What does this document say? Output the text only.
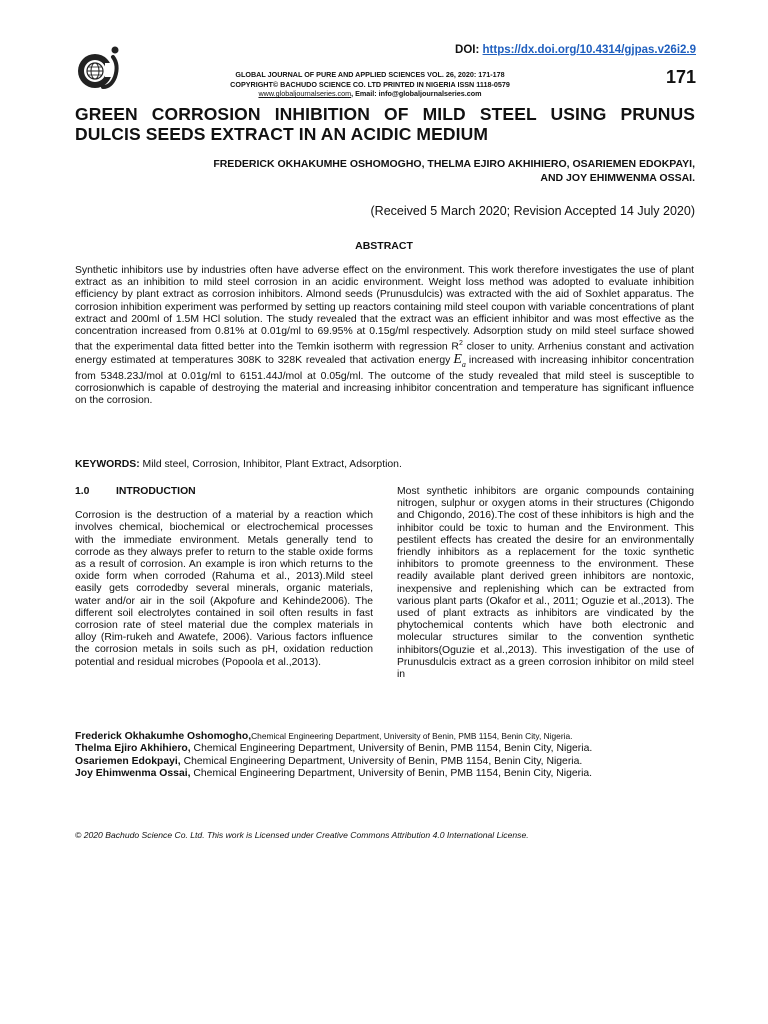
DOI: https://dx.doi.org/10.4314/gjpas.v26i2.9
GLOBAL JOURNAL OF PURE AND APPLIED SCIENCES VOL. 26, 2020: 171-178
COPYRIGHT© BACHUDO SCIENCE CO. LTD PRINTED IN NIGERIA ISSN 1118-0579
www.globaljournalseries.com, Email: info@globaljournalseries.com
171
GREEN CORROSION INHIBITION OF MILD STEEL USING PRUNUS DULCIS SEEDS EXTRACT IN AN ACIDIC MEDIUM
FREDERICK OKHAKUMHE OSHOMOGHO, THELMA EJIRO AKHIHIERO, OSARIEMEN EDOKPAYI,
AND JOY EHIMWENMA OSSAI.
(Received 5 March 2020; Revision Accepted 14 July 2020)
ABSTRACT

Synthetic inhibitors use by industries often have adverse effect on the environment. This work therefore investigates the use of plant extract as an inhibition to mild steel corrosion in an acidic environment. Weight loss method was adopted to evaluate inhibition efficiency by plant extract as corrosion inhibitors. Almond seeds (Prunusdulcis) was extracted with the aid of Soxhlet apparatus. The corrosion inhibition experiment was performed by setting up reactors containing mild steel coupon with variable concentrations of plant extract and 200ml of 1.5M HCl solution. The study revealed that the extract was an efficient inhibitor and was most effective as the concentration increased from 0.81% at 0.01g/ml to 69.95% at 0.15g/ml respectively. Adsorption study on mild steel surface showed that the experimental data fitted better into the Temkin isotherm with regression $R^2$ closer to unity. Arrhenius constant and activation energy estimated at temperatures 308K to 328K revealed that activation energy $E_a$ increased with increasing inhibitor concentration from 5348.23J/mol at 0.01g/ml to 6151.44J/mol at 0.05g/ml. The outcome of the study revealed that mild steel is susceptible to corrosionwhich is capable of destroying the material and increasing inhibitor concentration and temperature has significant influence on the corrosion.

KEYWORDS: Mild steel, Corrosion, Inhibitor, Plant Extract, Adsorption.
1.0	INTRODUCTION

Corrosion is the destruction of a material by a reaction which involves chemical, biochemical or electrochemical processes with the immediate environment. Metals generally tend to corrode as they always prefer to return to the stable oxide forms as a result of corrosion. An example is iron which returns to the oxide form when corroded (Rahuma et al., 2013).Mild steel easily gets corrodedby several minerals, organic materials, water and/or air in the soil (Akpofure and Kehinde2006). The different soil electrolytes contained in soil often results in fast corrosion rate of steel material due the complex materials in alloy (Rim-rukeh and Awatefe, 2006). Various factors influence the corrosion metals in soils such as pH, oxidation reduction potential and residual microbes (Popoola et al.,2013).

Most synthetic inhibitors are organic compounds containing nitrogen, sulphur or oxygen atoms in their structures (Chigondo and Chigondo, 2016).The cost of these inhibitors is high and the inhibitor could be toxic to human and the Environment. This pestilent effects has created the desire for an environmentally friendly inhibitors as a replacement for the toxic synthetic inhibitors to promote greenness to the environment. These readily available plant derived green inhibitors are nontoxic, inexpensive and replenishing which can be extracted from various plant parts (Okafor et al., 2011; Oguzie et al.,2013). The used of plant extracts as inhibitors are vindicated by the phytochemical contents which have both electronic and molecular structures similar to the convention synthetic inhibitors(Oguzie et al.,2013). This investigation of the use of Prunusdulcis extract as a green corrosion inhibitor on mild steel in

Frederick Okhakumhe Oshomogho,Chemical Engineering Department, University of Benin, PMB 1154, Benin City, Nigeria.
Thelma Ejiro Akhihiero, Chemical Engineering Department, University of Benin, PMB 1154, Benin City, Nigeria.
Osariemen Edokpayi, Chemical Engineering Department, University of Benin, PMB 1154, Benin City, Nigeria.
Joy Ehimwenma Ossai, Chemical Engineering Department, University of Benin, PMB 1154, Benin City, Nigeria.
© 2020 Bachudo Science Co. Ltd. This work is Licensed under Creative Commons Attribution 4.0 International License.
